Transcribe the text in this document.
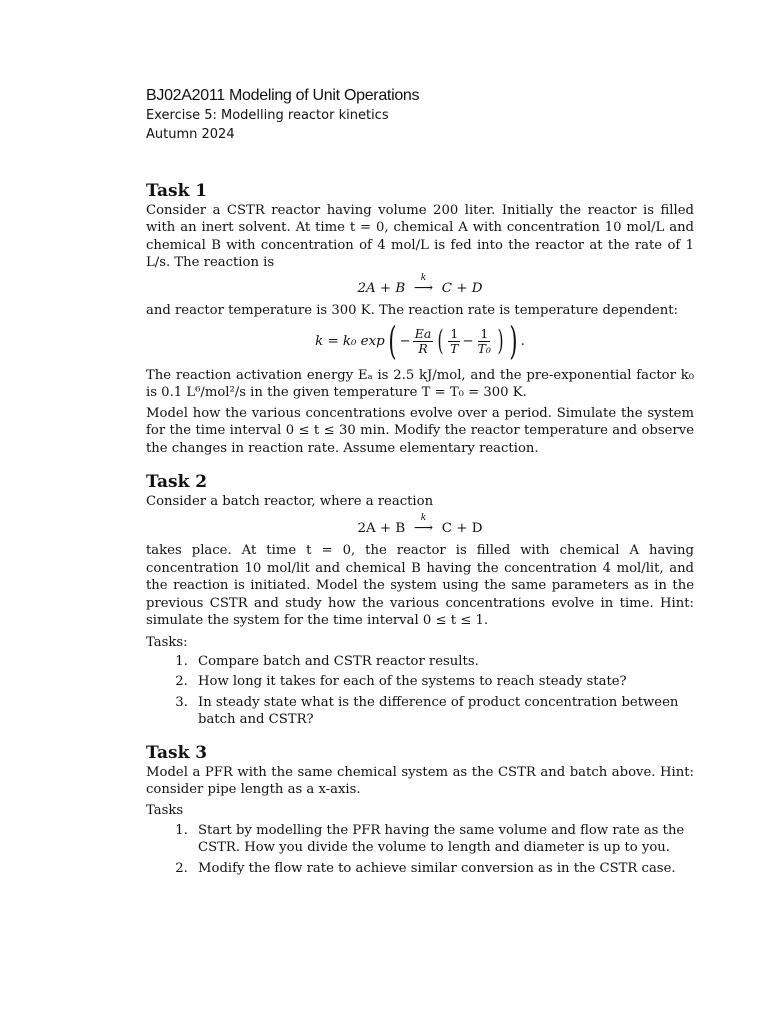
BJ02A2011 Modeling of Unit Operations
Exercise 5: Modelling reactor kinetics
Autumn 2024
Task 1

Consider a CSTR reactor having volume 200 liter. Initially the reactor is filled with an inert solvent. At time t = 0, chemical A with concentration 10 mol/L and chemical B with concentration of 4 mol/L is fed into the reactor at the rate of 1 L/s. The reaction is

2A + B
k
⟶ C + D

and reactor temperature is 300 K. The reaction rate is temperature dependent:

k = k₀ exp ( − $\frac{Ea}{R}$ ( $\frac{1}{T} - \frac{1}{\text{T₀}}$ ) ) .

The reaction activation energy Eₐ is 2.5 kJ/mol, and the pre-exponential factor k₀ is 0.1 L⁶/mol²/s in the given temperature T = T₀ = 300 K.

Model how the various concentrations evolve over a period. Simulate the system for the time interval 0 ≤ t ≤ 30 min. Modify the reactor temperature and observe the changes in reaction rate. Assume elementary reaction.

Task 2

Consider a batch reactor, where a reaction

2A + B
k
⟶ C + D

takes place. At time t = 0, the reactor is filled with chemical A having concentration 10 mol/lit and chemical B having the concentration 4 mol/lit, and the reaction is initiated. Model the system using the same parameters as in the previous CSTR and study how the various concentrations evolve in time. Hint: simulate the system for the time interval 0 ≤ t ≤ 1.

Tasks:
1. Compare batch and CSTR reactor results.
2. How long it takes for each of the systems to reach steady state?
3. In steady state what is the difference of product concentration between batch and CSTR?
Task 3

Model a PFR with the same chemical system as the CSTR and batch above. Hint: consider pipe length as a x-axis.

Tasks
1. Start by modelling the PFR having the same volume and flow rate as the CSTR. How you divide the volume to length and diameter is up to you.
2. Modify the flow rate to achieve similar conversion as in the CSTR case.
